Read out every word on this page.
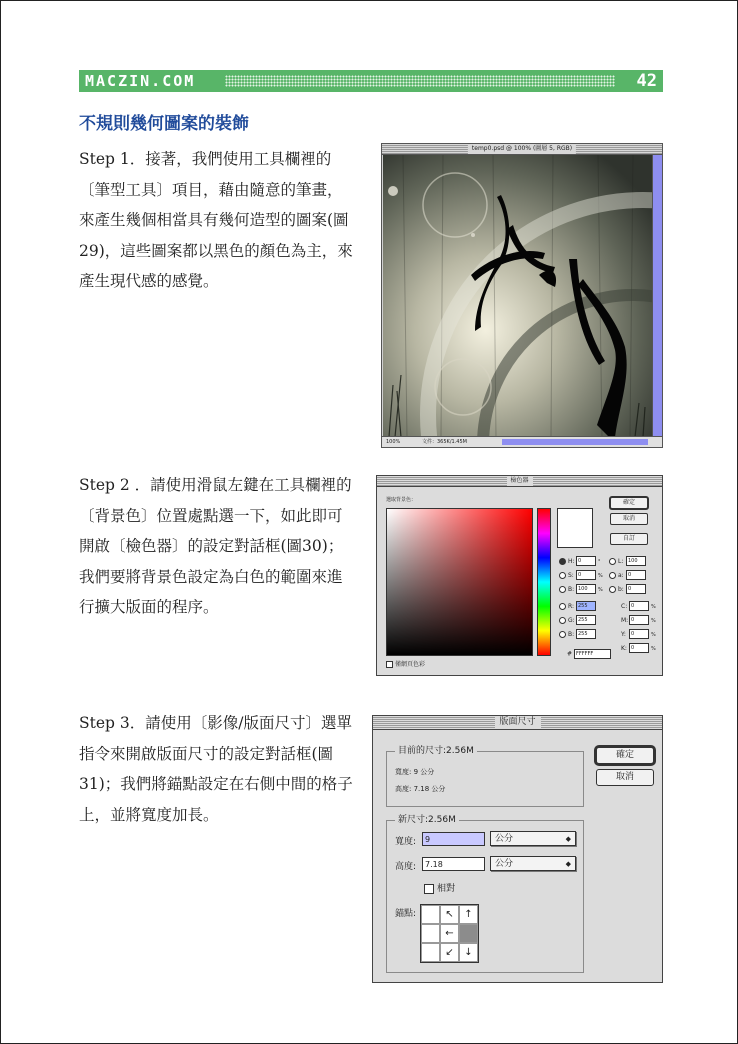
MACZIN.COM	42
不規則幾何圖案的裝飾

Step 1．接著，我們使用工具欄裡的〔筆型工具〕項目，藉由隨意的筆畫，來產生幾個相當具有幾何造型的圖案(圖29)，這些圖案都以黑色的顏色為主，來產生現代感的感覺。

Step 2 ．請使用滑鼠左鍵在工具欄裡的〔背景色〕位置處點選一下，如此即可開啟〔檢色器〕的設定對話框(圖30)；我們要將背景色設定為白色的範圍來進行擴大版面的程序。

Step 3．請使用〔影像/版面尺寸〕選單指令來開啟版面尺寸的設定對話框(圖 31)；我們將錨點設定在右側中間的格子上，並將寬度加長。

temp0.psd @ 100% (圖層 5, RGB)
100%	文件：365K/1.45M
檢色器
選取背景色：	確定
取消
自訂
H: 0	°
S: 0	%
B: 100 %
R: 255
G: 255
B: 255
L: 100
a: 0
b: 0
C: 0	%
M: 0	%
Y: 0	%
K: 0	%
# FFFFFF
僅網頁色彩
版面尺寸
目前的尺寸:2.56M
寬度: 9 公分
高度: 7.18 公分
新尺寸:2.56M
寬度:	9	公分	◆
高度:	7.18	公分	◆
相對
錨點:	↖	↑
←
↙	↓
確定
取消
